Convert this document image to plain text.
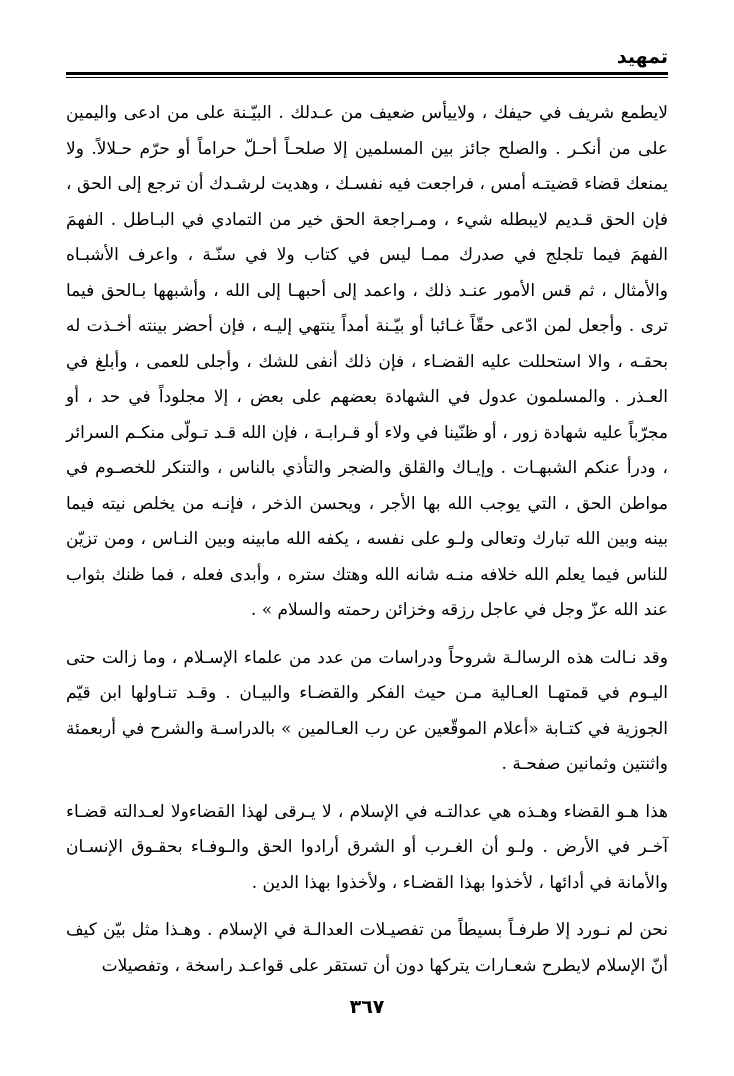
تمهيد

لايطمع شريف في حيفك ، ولاييأس ضعيف من عـدلك . البيّـنة على من ادعى واليمين على من أنكـر . والصلح جائز بين المسلمين إلا صلحـاً أحـلّ حراماً أو حرّم حـلالاً. ولا يمنعك قضاء قضيتـه أمس ، فراجعت فيه نفسـك ، وهديت لرشـدك أن ترجع إلى الحق ، فإن الحق قـديم لايبطله شيء ، ومـراجعة الحق خير من التمادي في البـاطل . الفهمَ الفهمَ فيما تلجلج في صدرك ممـا ليس في كتاب ولا في سنّـة ، واعرف الأشبـاه والأمثال ، ثم قس الأمور عنـد ذلك ، واعمد إلى أحبهـا إلى الله ، وأشبهها بـالحق فيما ترى . وأجعل لمن ادّعى حقّاً غـائبا أو بيّـنة أمداً ينتهي إليـه ، فإن أحضر بينته أخـذت له بحقـه ، والا استحللت عليه القضـاء ، فإن ذلك أنفى للشك ، وأجلى للعمى ، وأبلغ في العـذر . والمسلمون عدول في الشهادة بعضهم على بعض ، إلا مجلوداً في حد ، أو مجرّباً عليه شهادة زور ، أو ظنّينا في ولاء أو قـرابـة ، فإن الله قـد تـولّى منكـم السرائر ، ودرأ عنكم الشبهـات . وإيـاك والقلق والضجر والتأذي بالناس ، والتنكر للخصـوم في مواطن الحق ، التي يوجب الله بها الأجر ، ويحسن الذخر ، فإنـه من يخلص نيته فيما بينه وبين الله تبارك وتعالى ولـو على نفسه ، يكفه الله مابينه وبين النـاس ، ومن تزيّن للناس فيما يعلم الله خلافه منـه شانه الله وهتك ستره ، وأبدى فعله ، فما ظنك بثواب عند الله عزّ وجل في عاجل رزقه وخزائن رحمته والسلام » .

وقد نـالت هذه الرسالـة شروحاً ودراسات من عدد من علماء الإسـلام ، وما زالت حتى اليـوم في قمتهـا العـالية مـن حيث الفكر والقضـاء والبيـان . وقـد تنـاولها ابن قيّم الجوزية في كتـابة «أعلام الموقّعين عن رب العـالمين » بالدراسـة والشرح في أربعمئة واثنتين وثمانين صفحـة .

هذا هـو القضاء وهـذه هي عدالتـه في الإسلام ، لا يـرقى لهذا القضاءولا لعـدالته قضـاء آخـر في الأرض . ولـو أن الغـرب أو الشرق أرادوا الحق والـوفـاء بحقـوق الإنسـان والأمانة في أدائها ، لأخذوا بهذا القضـاء ، ولأخذوا بهذا الدين .

نحن لم نـورد إلا طرفـاً بسيطاً من تفصيـلات العدالـة في الإسلام . وهـذا مثل بيّن كيف أنّ الإسلام لايطرح شعـارات يتركها دون أن تستقر على قواعـد راسخة ، وتفصيلات

٣٦٧
